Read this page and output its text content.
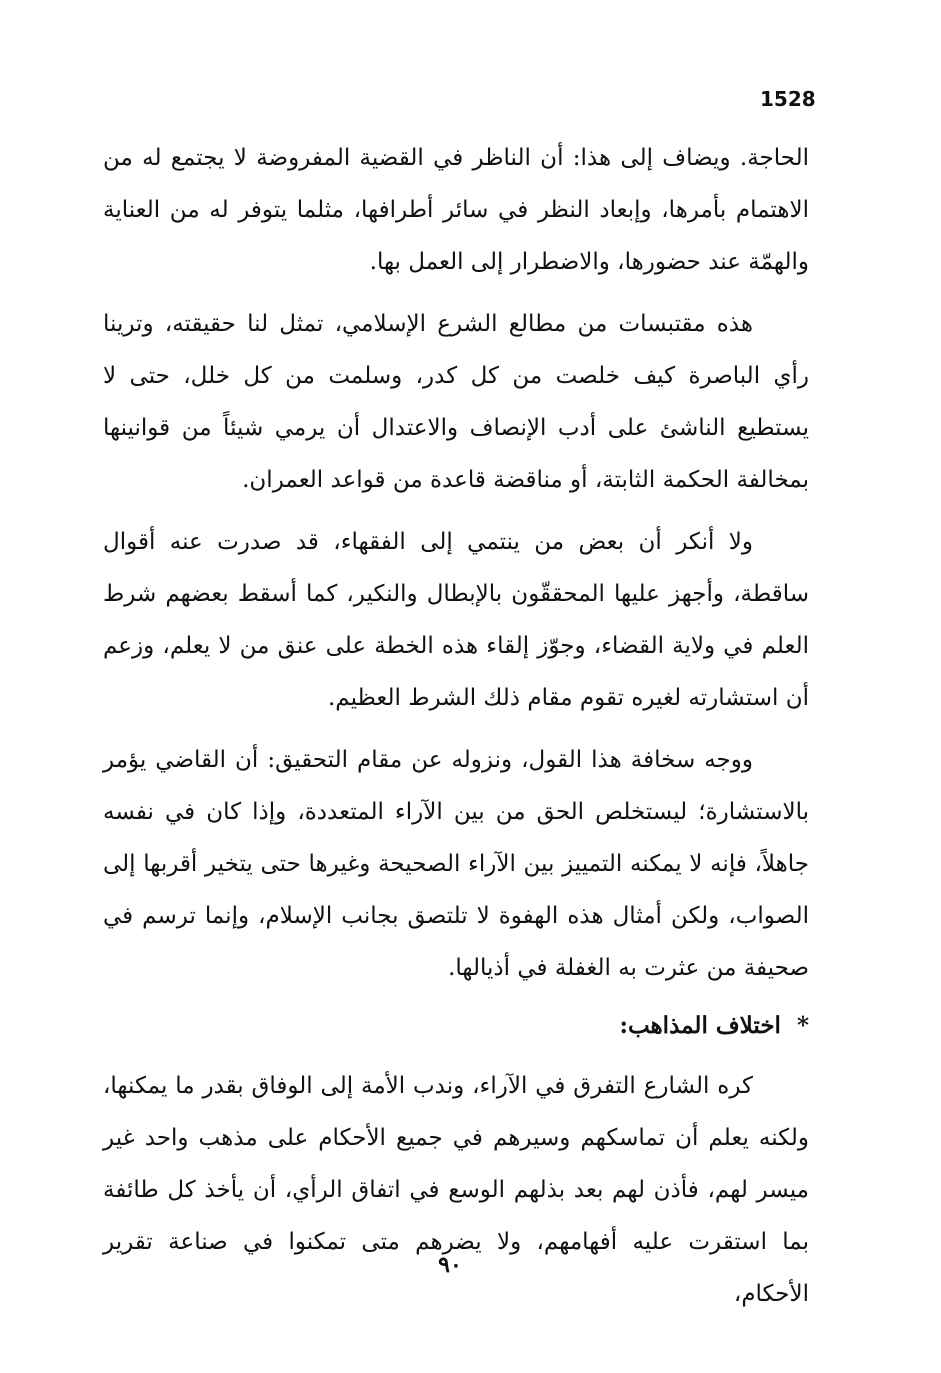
1528

الحاجة. ويضاف إلى هذا: أن الناظر في القضية المفروضة لا يجتمع له من الاهتمام بأمرها، وإبعاد النظر في سائر أطرافها، مثلما يتوفر له من العناية والهمّة عند حضورها، والاضطرار إلى العمل بها.

هذه مقتبسات من مطالع الشرع الإسلامي، تمثل لنا حقيقته، وترينا رأي الباصرة كيف خلصت من كل كدر، وسلمت من كل خلل، حتى لا يستطيع الناشئ على أدب الإنصاف والاعتدال أن يرمي شيئاً من قوانينها بمخالفة الحكمة الثابتة، أو مناقضة قاعدة من قواعد العمران.

ولا أنكر أن بعض من ينتمي إلى الفقهاء، قد صدرت عنه أقوال ساقطة، وأجهز عليها المحققّون بالإبطال والنكير، كما أسقط بعضهم شرط العلم في ولاية القضاء، وجوّز إلقاء هذه الخطة على عنق من لا يعلم، وزعم أن استشارته لغيره تقوم مقام ذلك الشرط العظيم.

ووجه سخافة هذا القول، ونزوله عن مقام التحقيق: أن القاضي يؤمر بالاستشارة؛ ليستخلص الحق من بين الآراء المتعددة، وإذا كان في نفسه جاهلاً، فإنه لا يمكنه التمييز بين الآراء الصحيحة وغيرها حتى يتخير أقربها إلى الصواب، ولكن أمثال هذه الهفوة لا تلتصق بجانب الإسلام، وإنما ترسم في صحيفة من عثرت به الغفلة في أذيالها.

* اختلاف المذاهب:

كره الشارع التفرق في الآراء، وندب الأمة إلى الوفاق بقدر ما يمكنها، ولكنه يعلم أن تماسكهم وسيرهم في جميع الأحكام على مذهب واحد غير ميسر لهم، فأذن لهم بعد بذلهم الوسع في اتفاق الرأي، أن يأخذ كل طائفة بما استقرت عليه أفهامهم، ولا يضرهم متى تمكنوا في صناعة تقرير الأحكام،

٩٠
